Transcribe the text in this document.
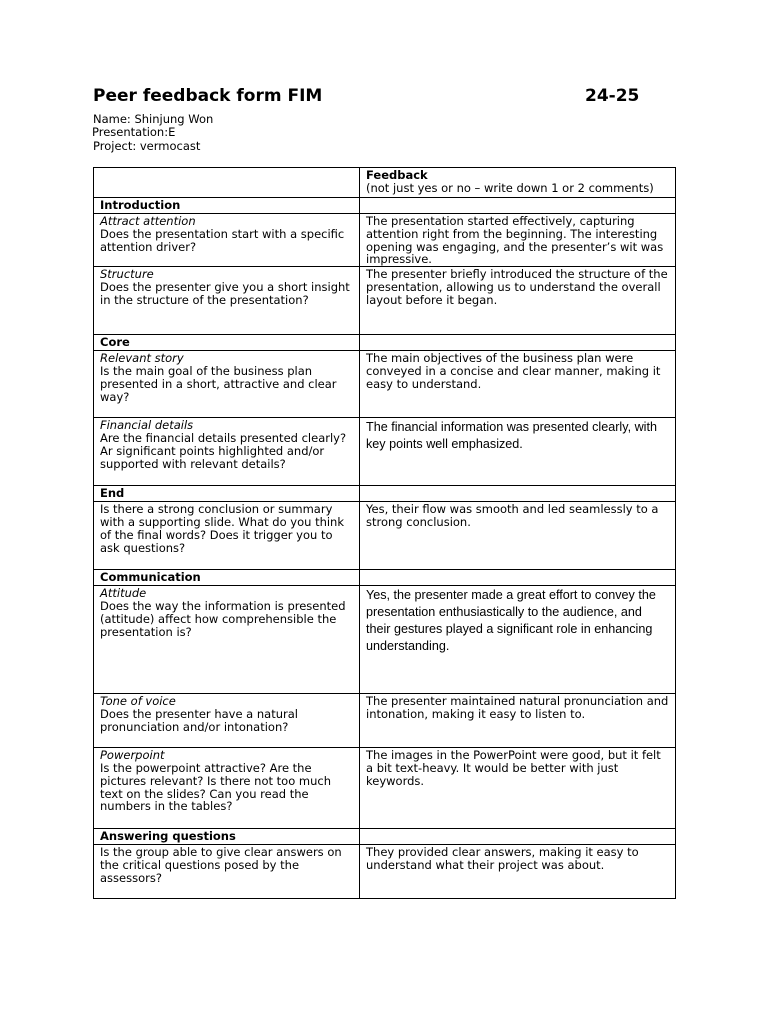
Peer feedback form FIM	24-25
Name: Shinjung Won
Presentation:E
Project: vermocast

	Feedback
(not just yes or no – write down 1 or 2 comments)

Introduction	

Attract attention
Does the presentation start with a specific attention driver?	The presentation started effectively, capturing attention right from the beginning. The interesting opening was engaging, and the presenter’s wit was impressive.

Structure
Does the presenter give you a short insight in the structure of the presentation?	The presenter briefly introduced the structure of the presentation, allowing us to understand the overall layout before it began.
Core	

Relevant story
Is the main goal of the business plan presented in a short, attractive and clear way?	The main objectives of the business plan were conveyed in a concise and clear manner, making it easy to understand.

Financial details
Are the financial details presented clearly? Ar significant points highlighted and/or supported with relevant details?	The financial information was presented clearly, with key points well emphasized.

End	
Is there a strong conclusion or summary with a supporting slide. What do you think of the final words? Does it trigger you to ask questions?	Yes, their flow was smooth and led seamlessly to a strong conclusion.
Communication	

Attitude
Does the way the information is presented (attitude) affect how comprehensible the presentation is?	Yes, the presenter made a great effort to convey the presentation enthusiastically to the audience, and their gestures played a significant role in enhancing understanding.

Tone of voice
Does the presenter have a natural pronunciation and/or intonation?	The presenter maintained natural pronunciation and intonation, making it easy to listen to.

Powerpoint
Is the powerpoint attractive? Are the pictures relevant? Is there not too much text on the slides? Can you read the numbers in the tables?	The images in the PowerPoint were good, but it felt a bit text-heavy. It would be better with just keywords.
Answering questions	
Is the group able to give clear answers on the critical questions posed by the assessors?	They provided clear answers, making it easy to understand what their project was about.
